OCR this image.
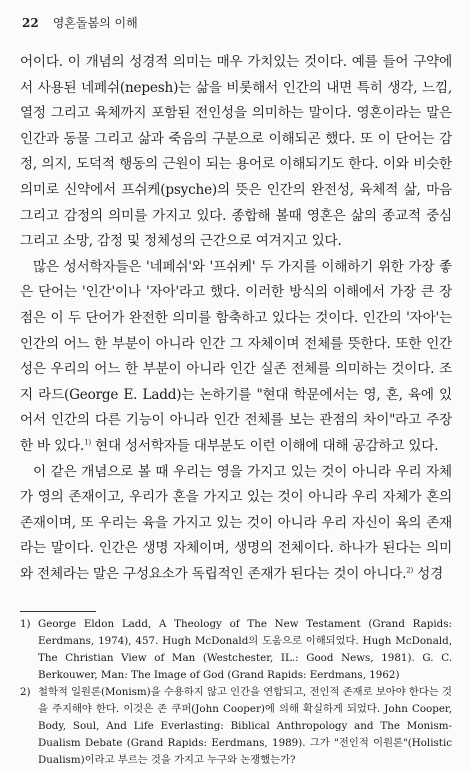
22 영혼돌봄의 이해

어이다. 이 개념의 성경적 의미는 매우 가치있는 것이다. 예를 들어 구약에서 사용된 네페쉬(nepesh)는 삶을 비롯해서 인간의 내면 특히 생각, 느낌, 열정 그리고 육체까지 포함된 전인성을 의미하는 말이다. 영혼이라는 말은 인간과 동물 그리고 삶과 죽음의 구분으로 이해되곤 했다. 또 이 단어는 감정, 의지, 도덕적 행동의 근원이 되는 용어로 이해되기도 한다. 이와 비슷한 의미로 신약에서 프쉬케(psyche)의 뜻은 인간의 완전성, 육체적 삶, 마음 그리고 감정의 의미를 가지고 있다. 종합해 볼때 영혼은 삶의 종교적 중심 그리고 소망, 감정 및 정체성의 근간으로 여겨지고 있다.

많은 성서학자들은 '네페쉬'와 '프쉬케' 두 가지를 이해하기 위한 가장 좋은 단어는 '인간'이나 '자아'라고 했다. 이러한 방식의 이해에서 가장 큰 장점은 이 두 단어가 완전한 의미를 함축하고 있다는 것이다. 인간의 '자아'는 인간의 어느 한 부분이 아니라 인간 그 자체이며 전체를 뜻한다. 또한 인간성은 우리의 어느 한 부분이 아니라 인간 실존 전체를 의미하는 것이다. 조지 라드(George E. Ladd)는 논하기를 "현대 학문에서는 영, 혼, 육에 있어서 인간의 다른 기능이 아니라 인간 전체를 보는 관점의 차이"라고 주장한 바 있다.$^{1)}$ 현대 성서학자들 대부분도 이런 이해에 대해 공감하고 있다.

이 같은 개념으로 볼 때 우리는 영을 가지고 있는 것이 아니라 우리 자체가 영의 존재이고, 우리가 혼을 가지고 있는 것이 아니라 우리 자체가 혼의 존재이며, 또 우리는 육을 가지고 있는 것이 아니라 우리 자신이 육의 존재라는 말이다. 인간은 생명 자체이며, 생명의 전체이다. 하나가 된다는 의미와 전체라는 말은 구성요소가 독립적인 존재가 된다는 것이 아니다.$^{2)}$ 성경

1) George Eldon Ladd, A Theology of The New Testament (Grand Rapids: Eerdmans, 1974), 457. Hugh McDonald의 도움으로 이해되었다. Hugh McDonald, The Christian View of Man (Westchester, IL.: Good News, 1981). G. C. Berkouwer, Man: The Image of God (Grand Rapids: Eerdmans, 1962)
2) 철학적 일원론(Monism)을 수용하지 않고 인간을 연합되고, 전인적 존재로 보아야 한다는 것을 주지해야 한다. 이것은 존 쿠퍼(John Cooper)에 의해 확실하게 되었다. John Cooper, Body, Soul, And Life Everlasting: Biblical Anthropology and The Monism-Dualism Debate (Grand Rapids: Eerdmans, 1989). 그가 "전인적 이원론"(Holistic Dualism)이라고 부르는 것을 가지고 누구와 논쟁했는가?
